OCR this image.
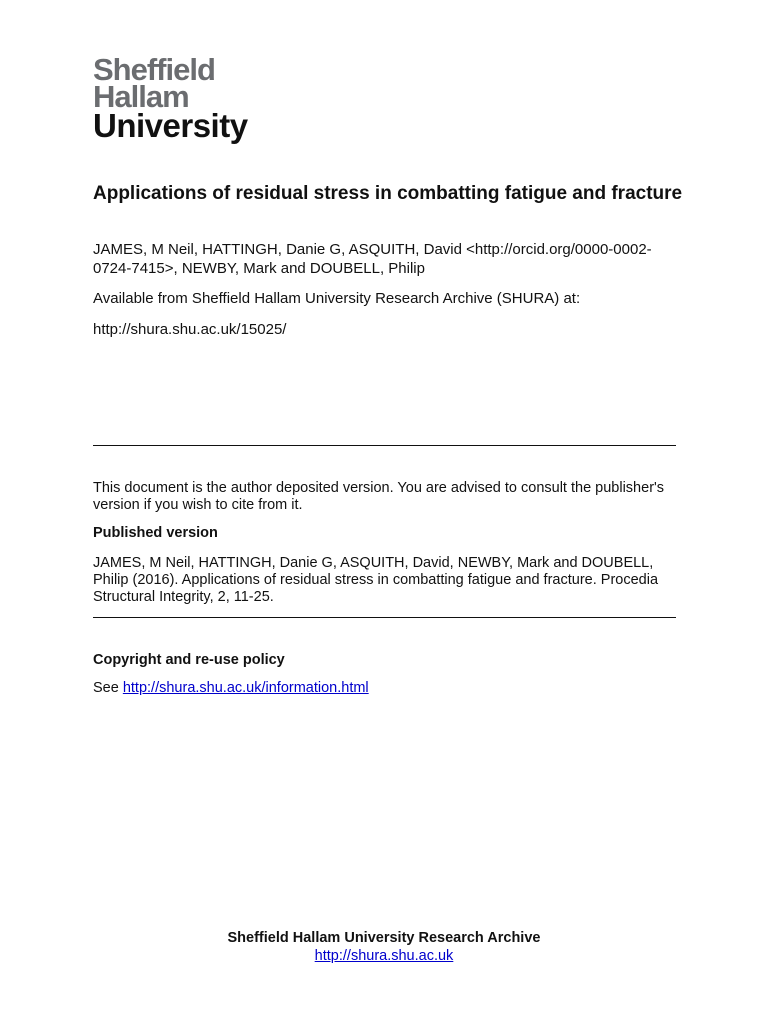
Sheffield
Hallam
University
Applications of residual stress in combatting fatigue and fracture
JAMES, M Neil, HATTINGH, Danie G, ASQUITH, David <http://orcid.org/0000-0002-0724-7415>, NEWBY, Mark and DOUBELL, Philip
Available from Sheffield Hallam University Research Archive (SHURA) at:
http://shura.shu.ac.uk/15025/
This document is the author deposited version. You are advised to consult the publisher's version if you wish to cite from it.
Published version
JAMES, M Neil, HATTINGH, Danie G, ASQUITH, David, NEWBY, Mark and DOUBELL, Philip (2016). Applications of residual stress in combatting fatigue and fracture. Procedia Structural Integrity, 2, 11-25.
Copyright and re-use policy
See http://shura.shu.ac.uk/information.html
Sheffield Hallam University Research Archive
http://shura.shu.ac.uk
